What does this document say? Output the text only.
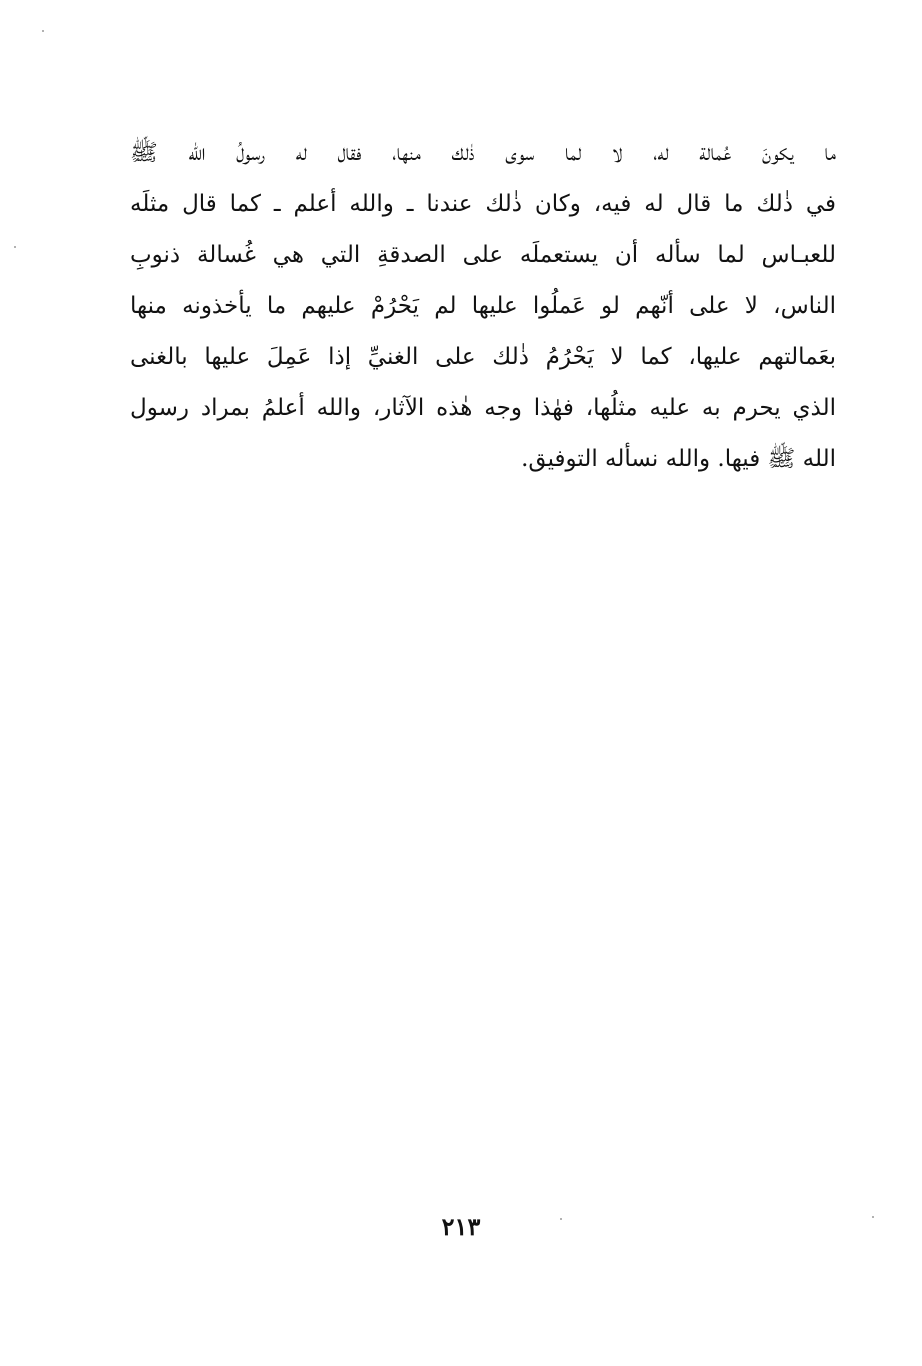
ما يكونَ عُمالة له، لا لما سوى ذٰلك منها، فقال له رسولُ الله ﷺ
في ذٰلك ما قال له فيه، وكان ذٰلك عندنا ـ والله أعلم ـ كما قال مثلَه
للعبـاس لما سأله أن يستعملَه على الصدقةِ التي هي غُسالة ذنوبِ
الناس، لا على أنّهم لو عَملُوا عليها لم يَحْرُمْ عليهم ما يأخذونه منها
بعَمالتهم عليها، كما لا يَحْرُمُ ذٰلك على الغنيِّ إذا عَمِلَ عليها بالغنى
الذي يحرم به عليه مثلُها، فهٰذا وجه هٰذه الآثار، والله أعلمُ بمراد رسول
الله ﷺ فيها. والله نسأله التوفيق.
٢١٣
